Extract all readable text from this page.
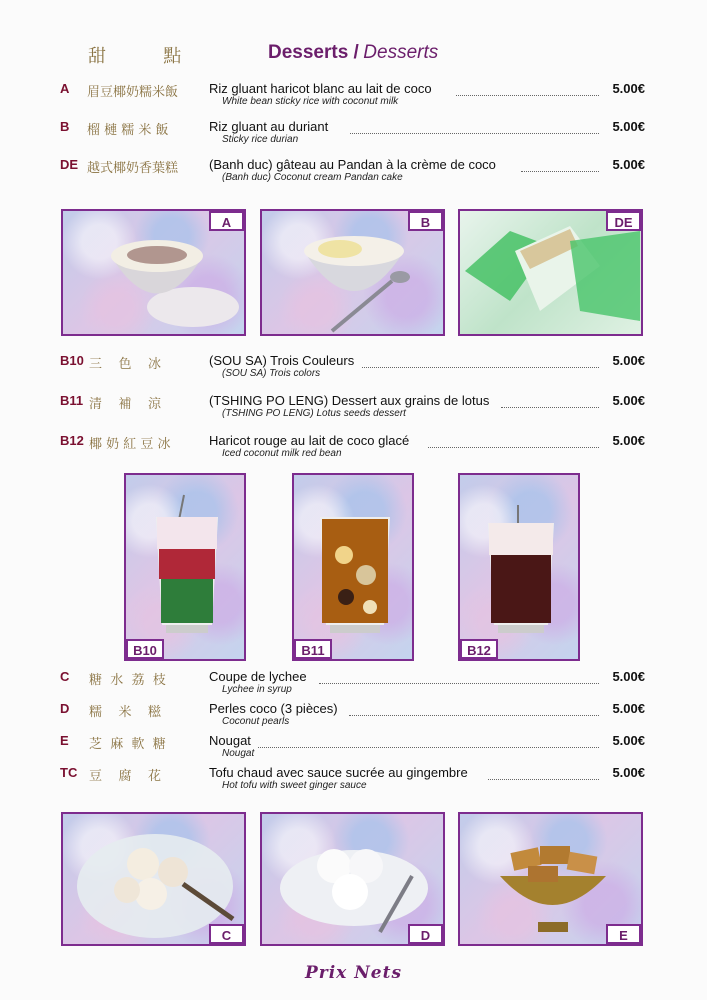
甜          點	Desserts / Desserts
A 眉豆椰奶糯米飯 Riz gluant haricot blanc au lait de coco	5.00€
White bean sticky rice with coconut milk
B 榴 槤 糯 米 飯	Riz gluant au duriant	5.00€
Sticky rice durian
DE 越式椰奶香葉糕 (Banh duc) gâteau au Pandan à la crème de coco	5.00€
(Banh duc) Coconut cream Pandan cake
A	B	DE
B10 三    色    冰	(SOU SA) Trois Couleurs	5.00€
(SOU SA) Trois colors
B11 清    補    涼	(TSHING PO LENG) Dessert aux grains de lotus	5.00€
(TSHING PO LENG) Lotus seeds dessert
B12 椰 奶 紅 豆 冰	Haricot rouge au lait de coco glacé	5.00€
Iced coconut milk red bean
B10	B11	B12
C 糖  水  荔  枝	Coupe de lychee	5.00€
Lychee in syrup
D 糯    米    糍	Perles coco (3 pièces)	5.00€
Coconut pearls
E 芝  麻  軟  糖	Nougat	5.00€
Nougat
TC 豆    腐    花	Tofu chaud avec sauce sucrée au gingembre	5.00€
Hot tofu with sweet ginger sauce
C	D	E
Prix Nets
